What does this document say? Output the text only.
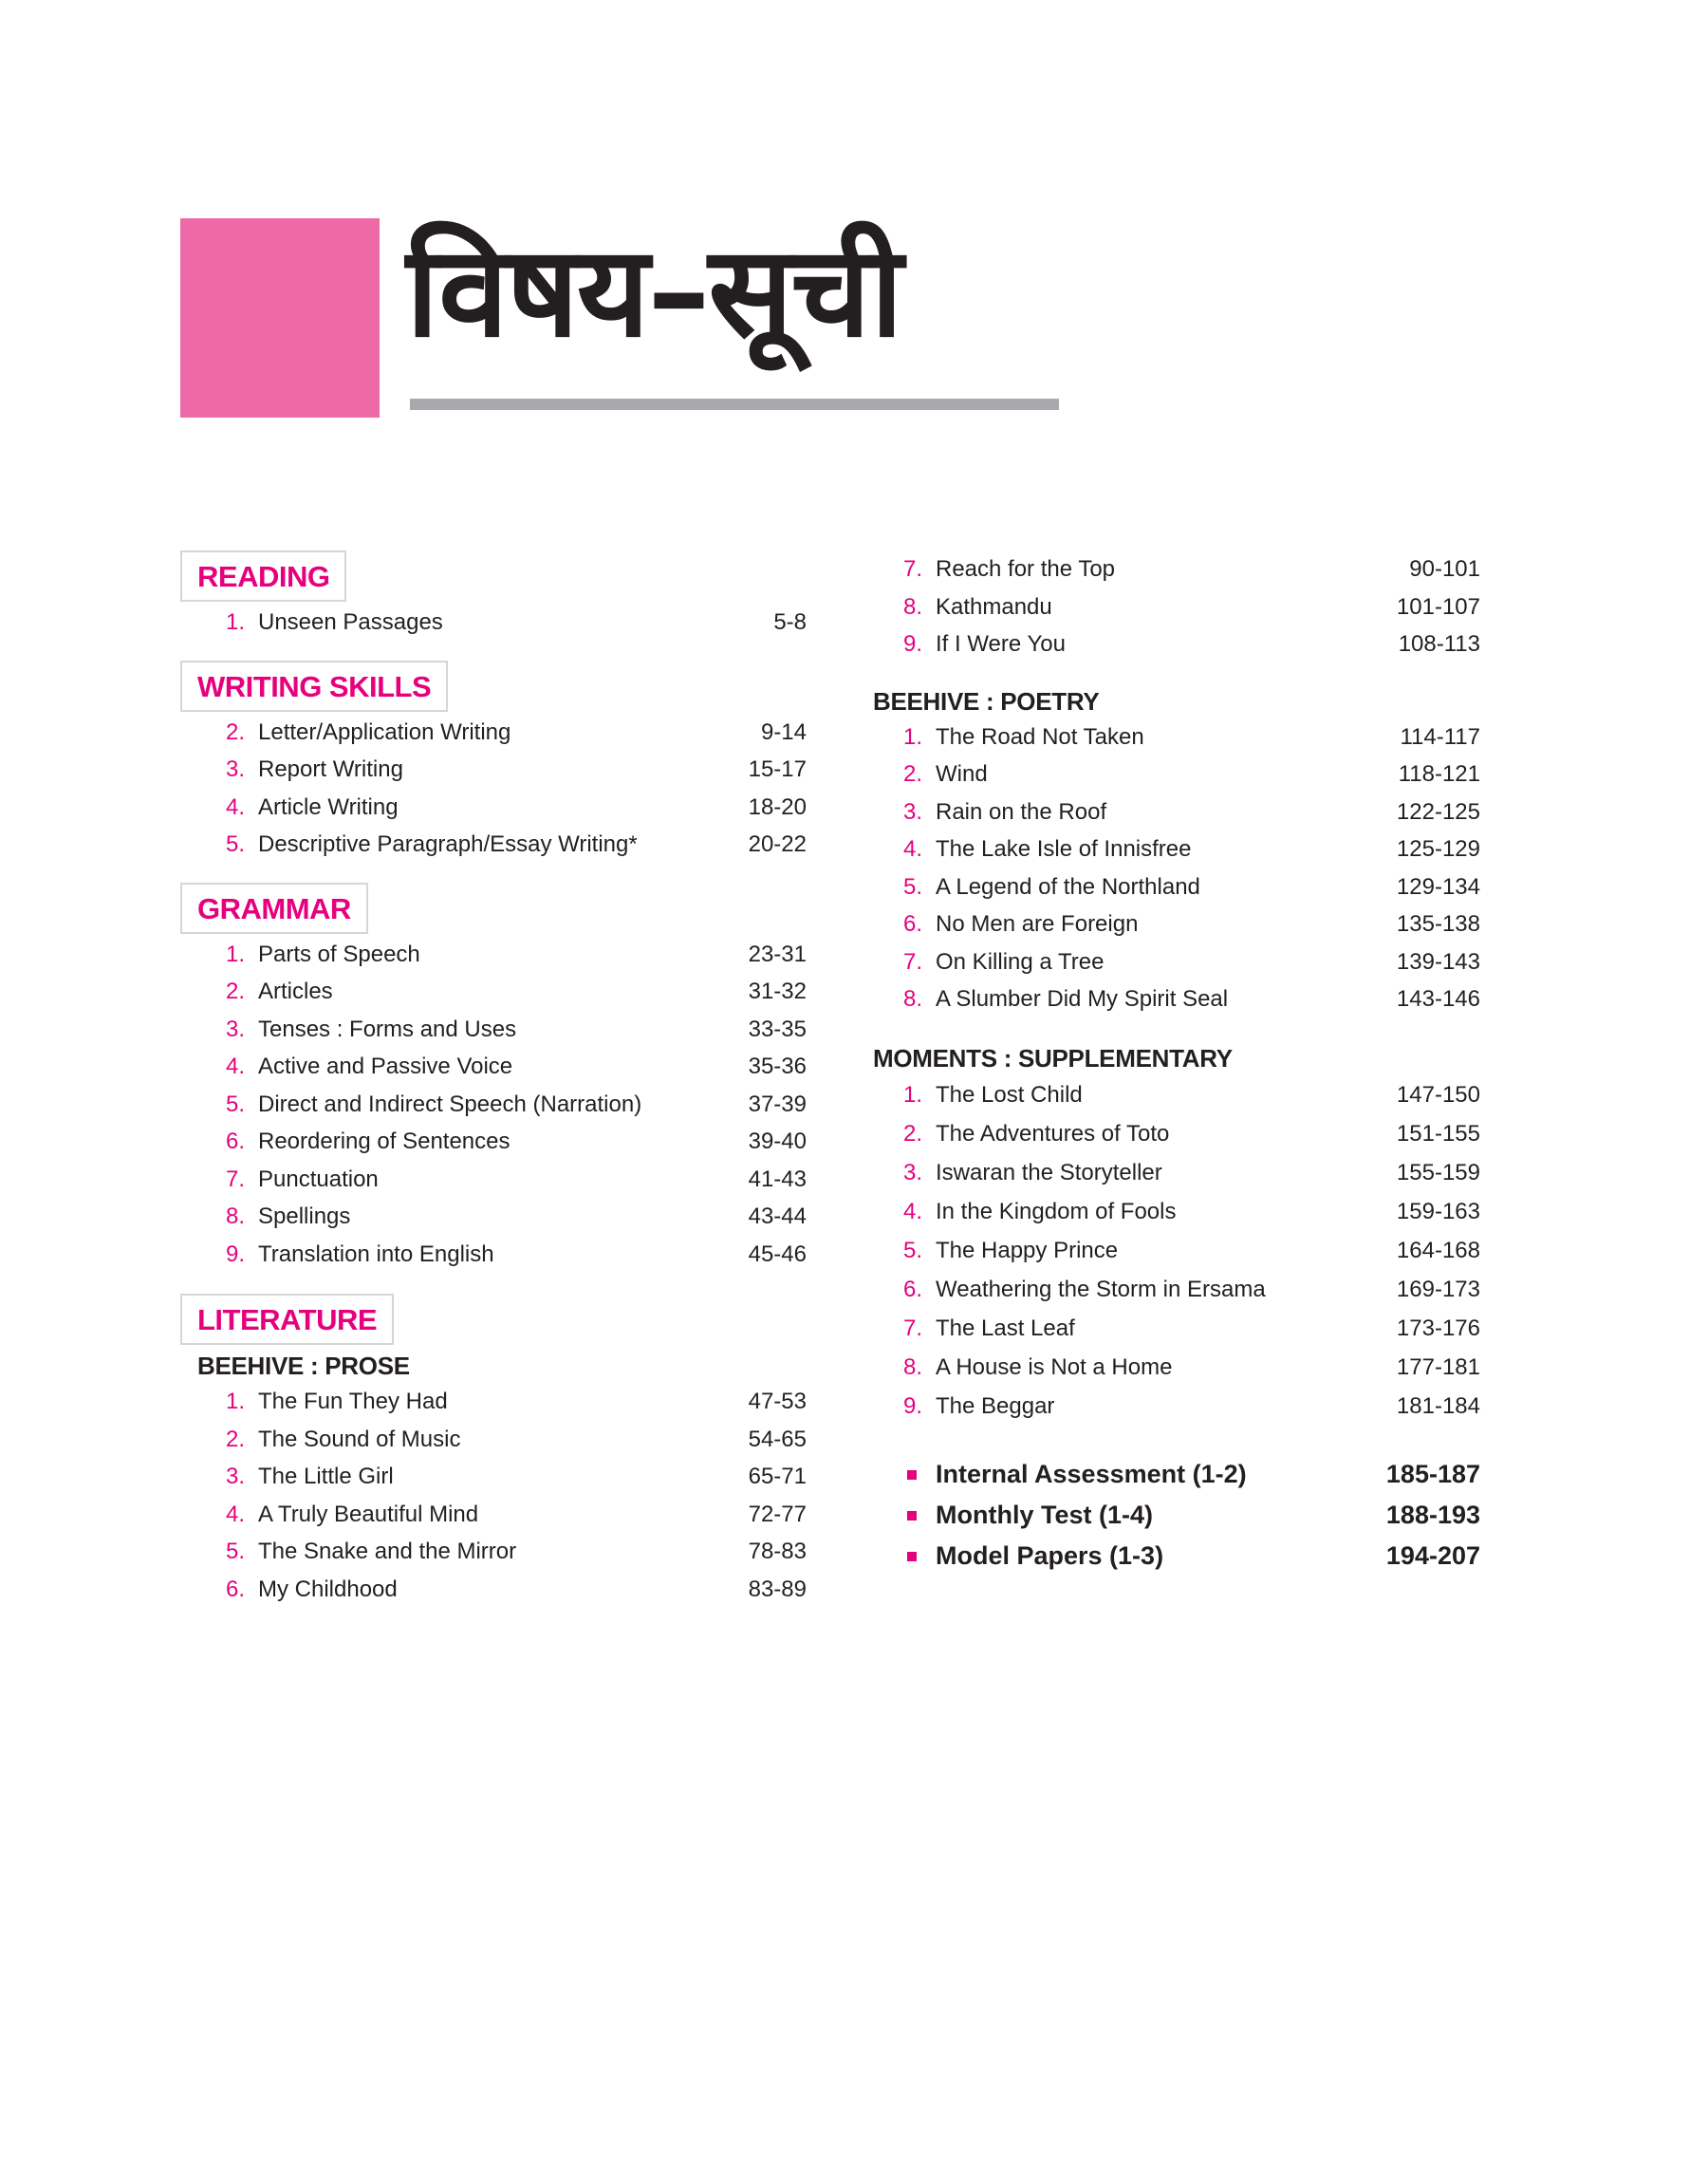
विषय–सूची
READING
1. Unseen Passages	5-8
WRITING SKILLS
2. Letter/Application Writing	9-14
3. Report Writing	15-17
4. Article Writing	18-20
5. Descriptive Paragraph/Essay Writing*	20-22
GRAMMAR
1. Parts of Speech	23-31
2. Articles	31-32
3. Tenses : Forms and Uses	33-35
4. Active and Passive Voice	35-36
5. Direct and Indirect Speech (Narration)	37-39
6. Reordering of Sentences	39-40
7. Punctuation	41-43
8. Spellings	43-44
9. Translation into English	45-46
LITERATURE
BEEHIVE : PROSE
1. The Fun They Had	47-53
2. The Sound of Music	54-65
3. The Little Girl	65-71
4. A Truly Beautiful Mind	72-77
5. The Snake and the Mirror	78-83
6. My Childhood	83-89
7. Reach for the Top	90-101
8. Kathmandu	101-107
9. If I Were You	108-113
BEEHIVE : POETRY
1. The Road Not Taken	114-117
2. Wind	118-121
3. Rain on the Roof	122-125
4. The Lake Isle of Innisfree	125-129
5. A Legend of the Northland	129-134
6. No Men are Foreign	135-138
7. On Killing a Tree	139-143
8. A Slumber Did My Spirit Seal	143-146
MOMENTS : SUPPLEMENTARY
1. The Lost Child	147-150
2. The Adventures of Toto	151-155
3. Iswaran the Storyteller	155-159
4. In the Kingdom of Fools	159-163
5. The Happy Prince	164-168
6. Weathering the Storm in Ersama	169-173
7. The Last Leaf	173-176
8. A House is Not a Home	177-181
9. The Beggar	181-184
Internal Assessment (1-2)	185-187
Monthly Test (1-4)	188-193
Model Papers (1-3)	194-207
